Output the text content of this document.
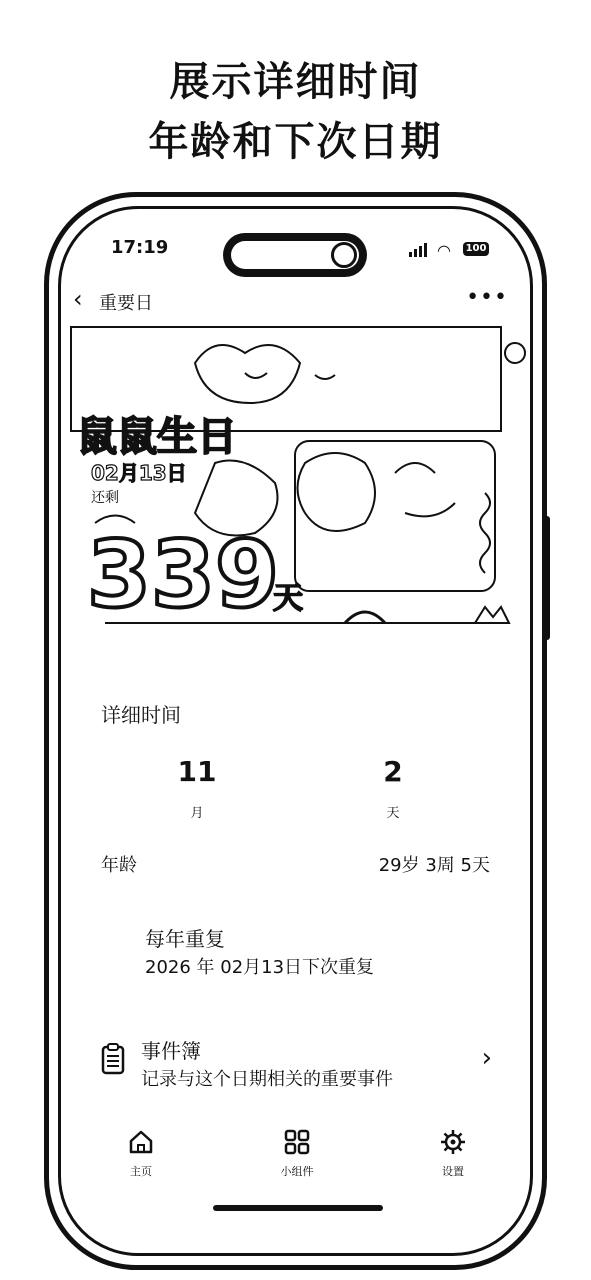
展示详细时间
年龄和下次日期
17:19	◠ 100
‹ 重要日	•••
鼠鼠生日
02月13日
还剩
339
天
详细时间
11
月
2
天
年龄	29岁 3周 5天
每年重复
2026 年 02月13日下次重复
事件簿
记录与这个日期相关的重要事件
›
主页	小组件	设置
